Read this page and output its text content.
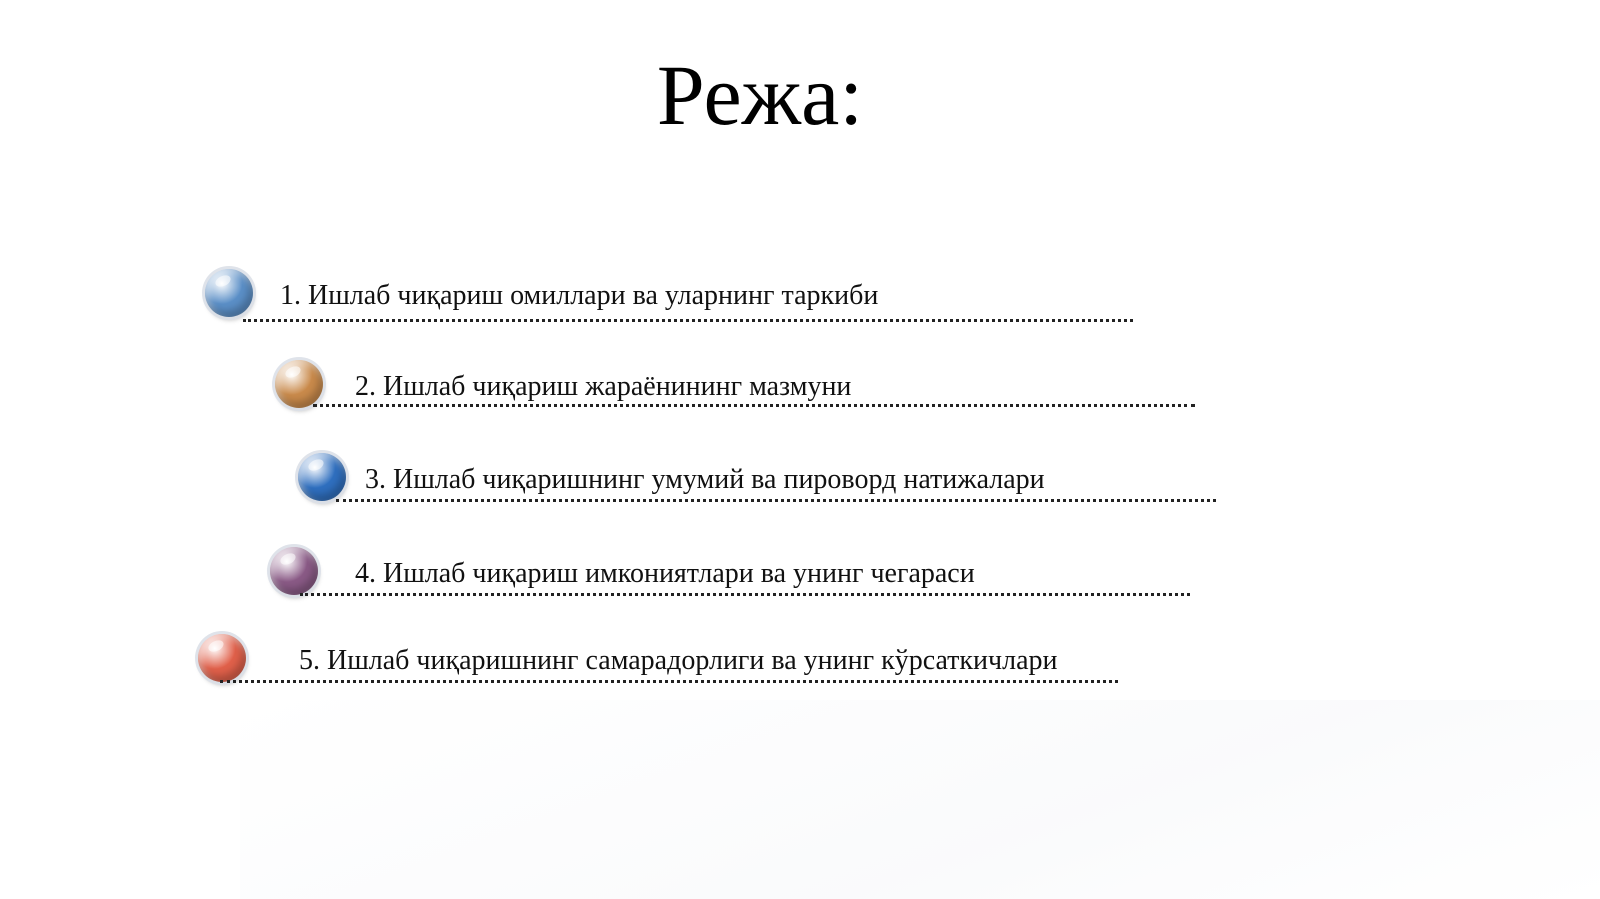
Режа:
1. Ишлаб чиқариш омиллари ва уларнинг таркиби
2. Ишлаб чиқариш жараёнининг мазмуни
3. Ишлаб чиқаришнинг умумий ва пироворд натижалари
4. Ишлаб чиқариш имкониятлари ва унинг чегараси
5. Ишлаб чиқаришнинг самарадорлиги ва унинг кўрсаткичлари
